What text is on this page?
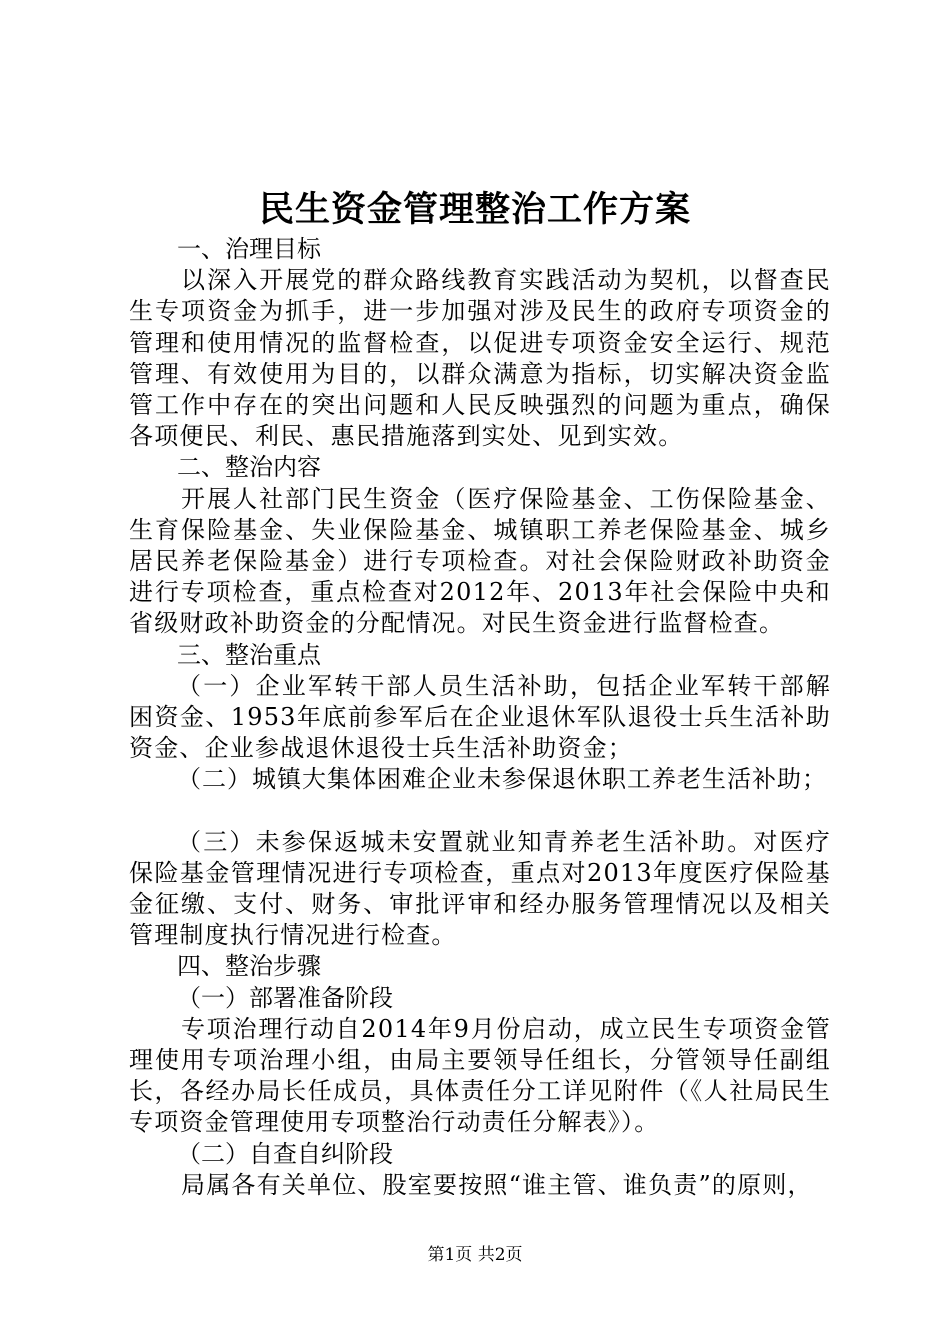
民生资金管理整治工作方案

一、治理目标

以深入开展党的群众路线教育实践活动为契机，以督查民生专项资金为抓手，进一步加强对涉及民生的政府专项资金的管理和使用情况的监督检查，以促进专项资金安全运行、规范管理、有效使用为目的，以群众满意为指标，切实解决资金监管工作中存在的突出问题和人民反映强烈的问题为重点，确保各项便民、利民、惠民措施落到实处、见到实效。

二、整治内容

开展人社部门民生资金（医疗保险基金、工伤保险基金、生育保险基金、失业保险基金、城镇职工养老保险基金、城乡居民养老保险基金）进行专项检查。对社会保险财政补助资金进行专项检查，重点检查对2012年、2013年社会保险中央和省级财政补助资金的分配情况。对民生资金进行监督检查。

三、整治重点

（一）企业军转干部人员生活补助，包括企业军转干部解困资金、1953年底前参军后在企业退休军队退役士兵生活补助资金、企业参战退休退役士兵生活补助资金；

（二）城镇大集体困难企业未参保退休职工养老生活补助；

（三）未参保返城未安置就业知青养老生活补助。对医疗保险基金管理情况进行专项检查，重点对2013年度医疗保险基金征缴、支付、财务、审批评审和经办服务管理情况以及相关管理制度执行情况进行检查。

四、整治步骤

（一）部署准备阶段

专项治理行动自2014年9月份启动，成立民生专项资金管理使用专项治理小组，由局主要领导任组长，分管领导任副组长，各经办局长任成员，具体责任分工详见附件（《人社局民生专项资金管理使用专项整治行动责任分解表》）。

（二）自查自纠阶段

局属各有关单位、股室要按照“谁主管、谁负责”的原则，

第1页 共2页
